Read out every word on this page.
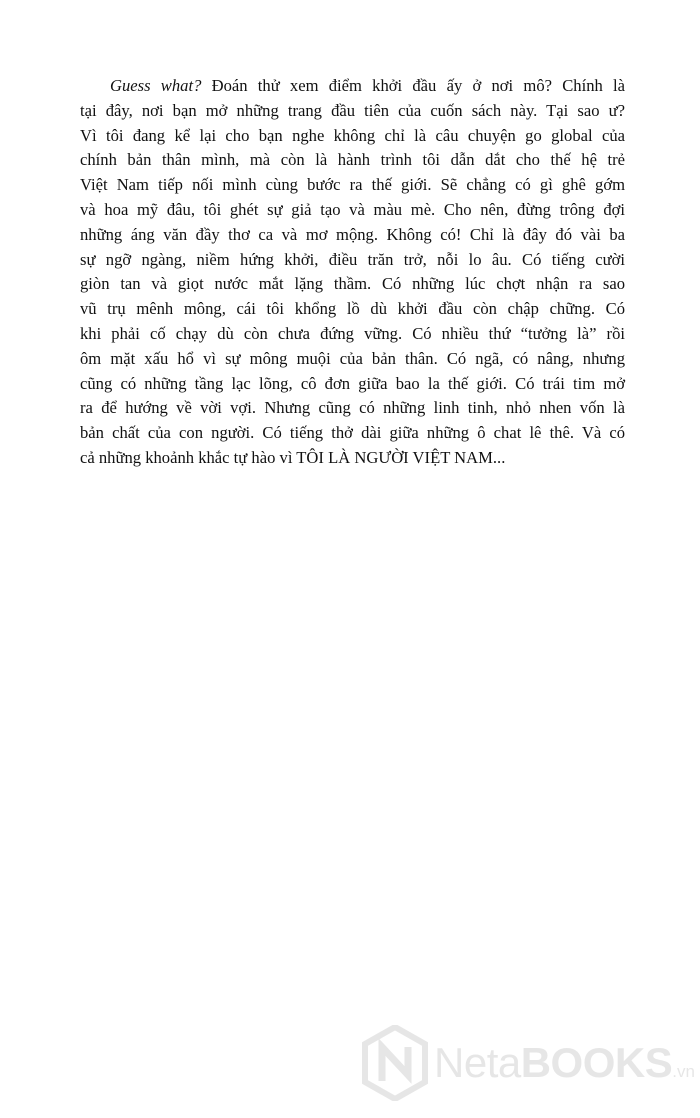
Guess what? Đoán thử xem điểm khởi đầu ấy ở nơi mô? Chính là
tại đây, nơi bạn mở những trang đầu tiên của cuốn sách này. Tại sao ư?
Vì tôi đang kể lại cho bạn nghe không chỉ là câu chuyện go global của
chính bản thân mình, mà còn là hành trình tôi dẫn dắt cho thế hệ trẻ
Việt Nam tiếp nối mình cùng bước ra thế giới. Sẽ chẳng có gì ghê gớm
và hoa mỹ đâu, tôi ghét sự giả tạo và màu mè. Cho nên, đừng trông đợi
những áng văn đầy thơ ca và mơ mộng. Không có! Chỉ là đây đó vài ba
sự ngỡ ngàng, niềm hứng khởi, điều trăn trở, nỗi lo âu. Có tiếng cười
giòn tan và giọt nước mắt lặng thầm. Có những lúc chợt nhận ra sao
vũ trụ mênh mông, cái tôi khổng lồ dù khởi đầu còn chập chững. Có
khi phải cố chạy dù còn chưa đứng vững. Có nhiều thứ “tưởng là” rồi
ôm mặt xấu hổ vì sự mông muội của bản thân. Có ngã, có nâng, nhưng
cũng có những tầng lạc lõng, cô đơn giữa bao la thế giới. Có trái tim mở
ra để hướng về vời vợi. Nhưng cũng có những linh tinh, nhỏ nhen vốn là
bản chất của con người. Có tiếng thở dài giữa những ô chat lê thê. Và có
cả những khoảnh khắc tự hào vì TÔI LÀ NGƯỜI VIỆT NAM...
NetaBOOKS.vn
